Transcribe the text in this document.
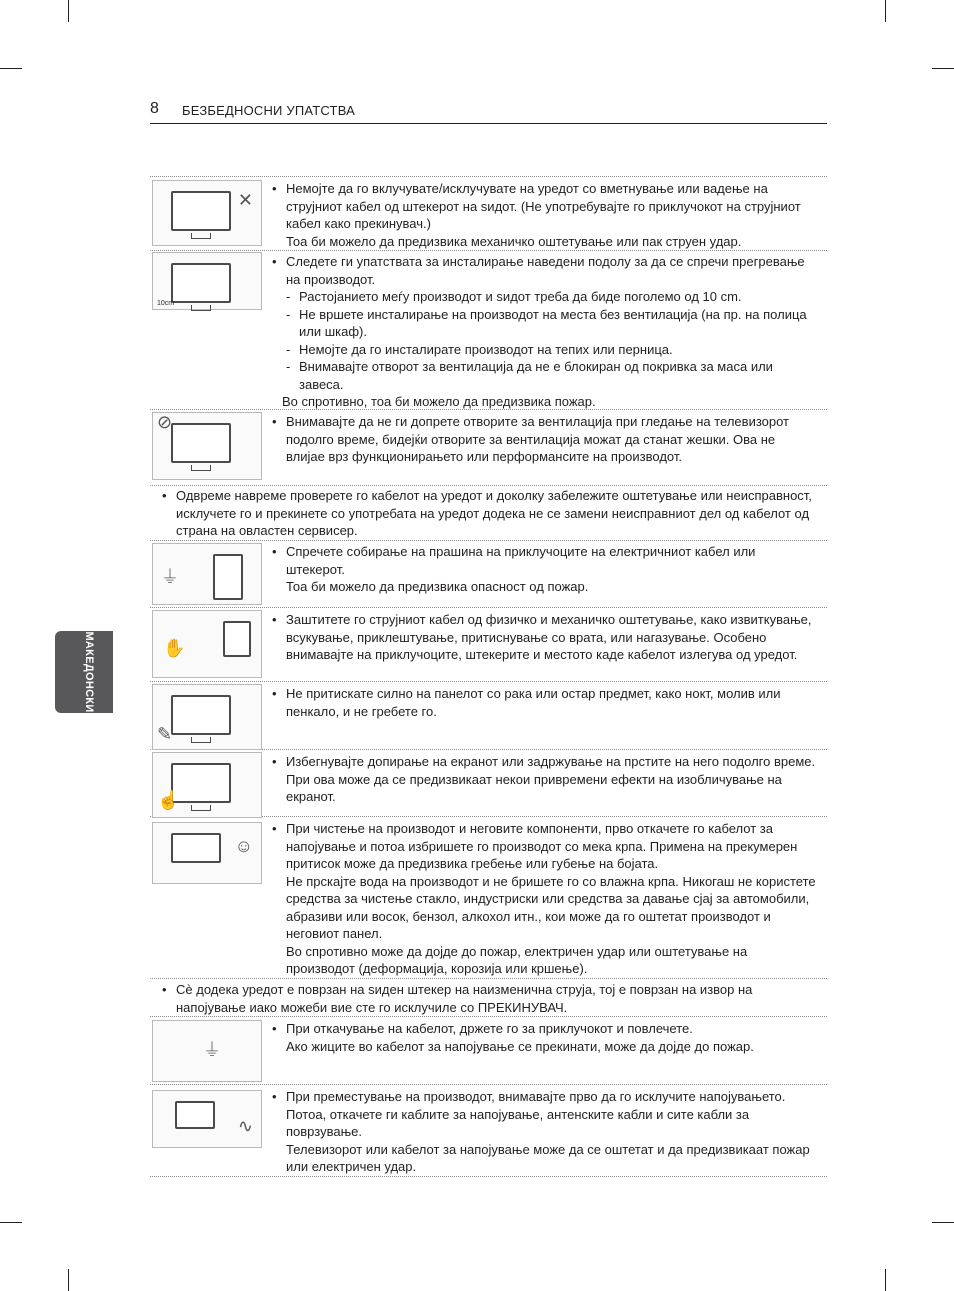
8 БЕЗБЕДНОСНИ УПАТСТВА
МАКЕДОНСКИ
✕
10cm
⊘
⏚
✋
✎
☝
☺
⏚
∿
• Немојте да го вклучувате/исклучувате на уредот со вметнување или вадење на струјниот кабел од штекерот на ѕидот. (Не употребувајте го приклучокот на струјниот кабел како прекинувач.)
Тоа би можело да предизвика механичко оштетување или пак струен удар.
• Следете ги упатствата за инсталирање наведени подолу за да се спречи прегревање на производот.
- Растојанието меѓу производот и ѕидот треба да биде поголемо од 10 cm.
- Не вршете инсталирање на производот на места без вентилација (на пр. на полица или шкаф).
- Немојте да го инсталирате производот на тепих или перница.
- Внимавајте отворот за вентилација да не е блокиран од покривка за маса или завеса.
Во спротивно, тоа би можело да предизвика пожар.
• Внимавајте да не ги допрете отворите за вентилација при гледање на телевизорот подолго време, бидејќи отворите за вентилација можат да станат жешки. Ова не влијае врз функционирањето или перформансите на производот.
• Одвреме навреме проверете го кабелот на уредот и доколку забележите оштетување или неисправност, исклучете го и прекинете со употребата на уредот додека не се замени неисправниот дел од кабелот од страна на овластен сервисер.
• Спречете собирање на прашина на приклучоците на електричниот кабел или штекерот.
Тоа би можело да предизвика опасност од пожар.
• Заштитете го струјниот кабел од физичко и механичко оштетување, како извиткување, всукување, приклештување, притиснување со врата, или нагазување. Особено внимавајте на приклучоците, штекерите и местото каде кабелот излегува од уредот.
• Не притискате силно на панелот со рака или остар предмет, како нокт, молив или пенкало, и не гребете го.
• Избегнувајте допирање на екранот или задржување на прстите на него подолго време. При ова може да се предизвикаат некои привремени ефекти на изобличување на екранот.
• При чистење на производот и неговите компоненти, прво откачете го кабелот за напојување и потоа избришете го производот со мека крпа. Примена на прекумерен притисок може да предизвика гребење или губење на бојата.
Не прскајте вода на производот и не бришете го со влажна крпа. Никогаш не користете средства за чистење стакло, индустриски или средства за давање сјај за автомобили, абразиви или восок, бензол, алкохол итн., кои може да го оштетат производот и неговиот панел.
Во спротивно може да дојде до пожар, електричен удар или оштетување на производот (деформација, корозија или кршење).
• Сè додека уредот е поврзан на ѕиден штекер на наизменична струја, тој е поврзан на извор на напојување иако можеби вие сте го исклучиле со ПРЕКИНУВАЧ.
• При откачување на кабелот, држете го за приклучокот и повлечете.
Ако жиците во кабелот за напојување се прекинати, може да дојде до пожар.
• При преместување на производот, внимавајте прво да го исклучите напојувањето. Потоа, откачете ги каблите за напојување, антенските кабли и сите кабли за поврзување.
Телевизорот или кабелот за напојување може да се оштетат и да предизвикаат пожар или електричен удар.
